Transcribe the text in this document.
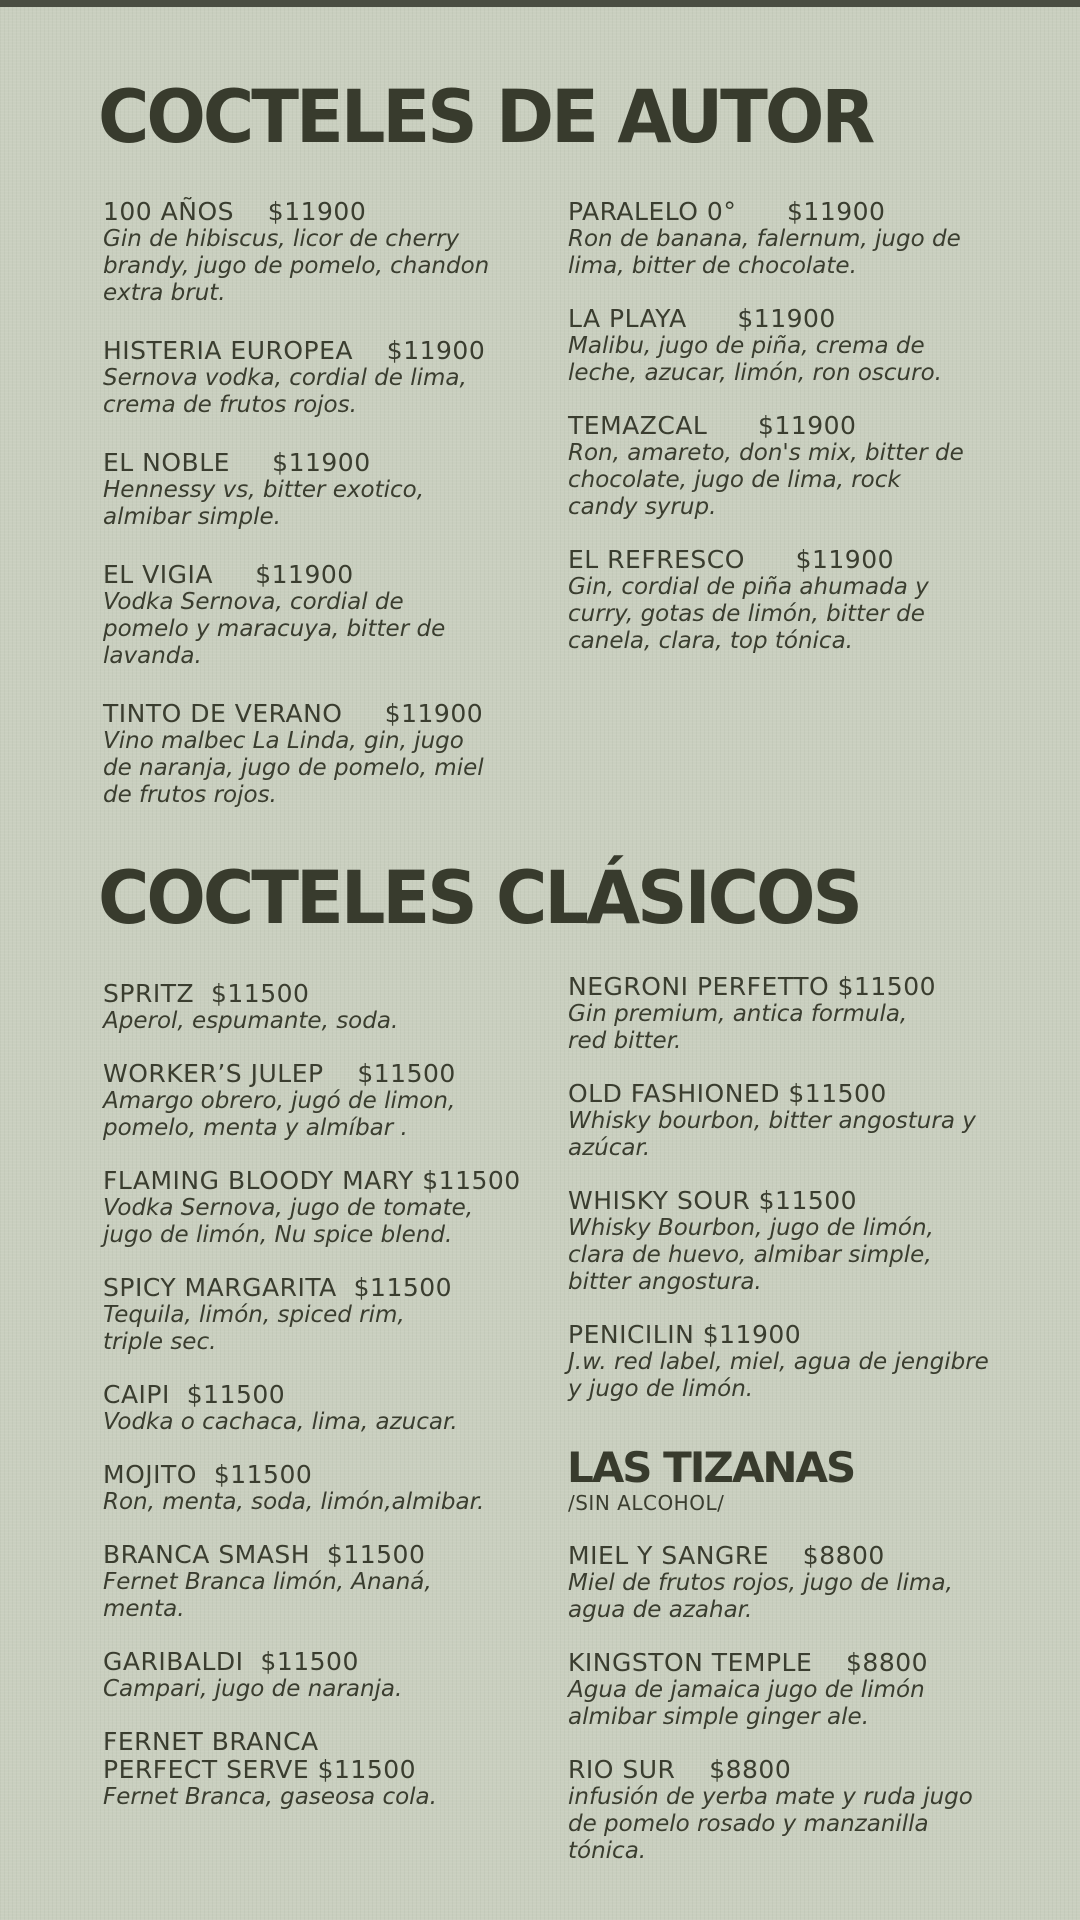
COCTELES DE AUTOR
100 AÑOS    $11900
Gin de hibiscus, licor de cherry
brandy, jugo de pomelo, chandon
extra brut.
HISTERIA EUROPEA    $11900
Sernova vodka, cordial de lima,
crema de frutos rojos.
EL NOBLE     $11900
Hennessy vs, bitter exotico,
almibar simple.
EL VIGIA     $11900
Vodka Sernova, cordial de
pomelo y maracuya, bitter de
lavanda.
TINTO DE VERANO     $11900
Vino malbec La Linda, gin, jugo
de naranja, jugo de pomelo, miel
de frutos rojos.
PARALELO 0°      $11900
Ron de banana, falernum, jugo de
lima, bitter de chocolate.
LA PLAYA      $11900
Malibu, jugo de piña, crema de
leche, azucar, limón, ron oscuro.
TEMAZCAL      $11900
Ron, amareto, don's mix, bitter de
chocolate, jugo de lima, rock
candy syrup.
EL REFRESCO      $11900
Gin, cordial de piña ahumada y
curry, gotas de limón, bitter de
canela, clara, top tónica.
COCTELES CLÁSICOS
SPRITZ  $11500
Aperol, espumante, soda.
WORKER’S JULEP    $11500
Amargo obrero, jugó de limon,
pomelo, menta y almíbar .
FLAMING BLOODY MARY $11500
Vodka Sernova, jugo de tomate,
jugo de limón, Nu spice blend.
SPICY MARGARITA  $11500
Tequila, limón, spiced rim,
triple sec.
CAIPI  $11500
Vodka o cachaca, lima, azucar.
MOJITO  $11500
Ron, menta, soda, limón,almibar.
BRANCA SMASH  $11500
Fernet Branca limón, Ananá,
menta.
GARIBALDI  $11500
Campari, jugo de naranja.
FERNET BRANCA
PERFECT SERVE $11500
Fernet Branca, gaseosa cola.
NEGRONI PERFETTO $11500
Gin premium, antica formula,
red bitter.
OLD FASHIONED $11500
Whisky bourbon, bitter angostura y
azúcar.
WHISKY SOUR $11500
Whisky Bourbon, jugo de limón,
clara de huevo, almibar simple,
bitter angostura.
PENICILIN $11900
J.w. red label, miel, agua de jengibre
y jugo de limón.
LAS TIZANAS
/SIN ALCOHOL/
MIEL Y SANGRE    $8800
Miel de frutos rojos, jugo de lima,
agua de azahar.
KINGSTON TEMPLE    $8800
Agua de jamaica jugo de limón
almibar simple ginger ale.
RIO SUR    $8800
infusión de yerba mate y ruda jugo
de pomelo rosado y manzanilla
tónica.
